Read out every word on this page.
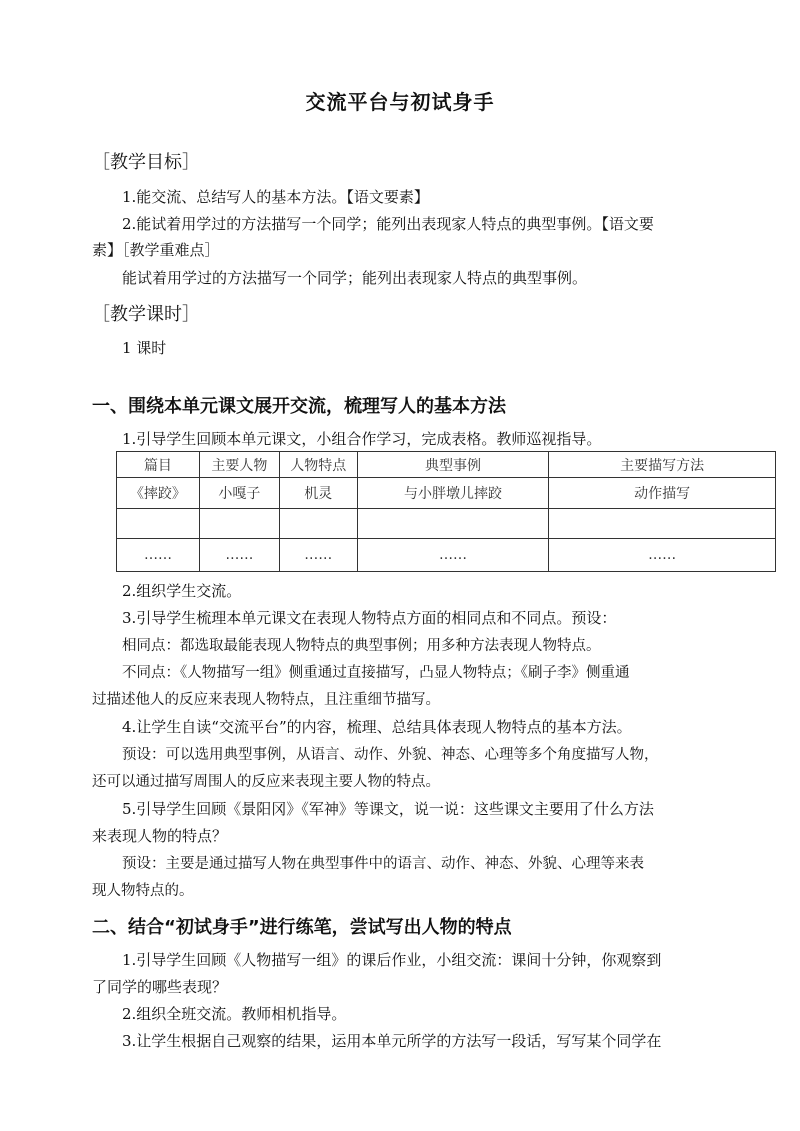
交流平台与初试身手
［教学目标］
1.能交流、总结写人的基本方法。【语文要素】
2.能试着用学过的方法描写一个同学；能列出表现家人特点的典型事例。【语文要
素】［教学重难点］
能试着用学过的方法描写一个同学；能列出表现家人特点的典型事例。
［教学课时］
1 课时
一、围绕本单元课文展开交流，梳理写人的基本方法
1.引导学生回顾本单元课文，小组合作学习，完成表格。教师巡视指导。
篇目	主要人物	人物特点	典型事例	主要描写方法
《摔跤》	小嘎子	机灵	与小胖墩儿摔跤	动作描写

……	……	……	……	……
2.组织学生交流。
3.引导学生梳理本单元课文在表现人物特点方面的相同点和不同点。预设：
相同点：都选取最能表现人物特点的典型事例；用多种方法表现人物特点。
不同点：《人物描写一组》侧重通过直接描写，凸显人物特点；《刷子李》侧重通
过描述他人的反应来表现人物特点，且注重细节描写。
4.让学生自读“交流平台”的内容，梳理、总结具体表现人物特点的基本方法。
预设：可以选用典型事例，从语言、动作、外貌、神态、心理等多个角度描写人物，
还可以通过描写周围人的反应来表现主要人物的特点。
5.引导学生回顾《景阳冈》《军神》等课文，说一说：这些课文主要用了什么方法
来表现人物的特点？
预设：主要是通过描写人物在典型事件中的语言、动作、神态、外貌、心理等来表
现人物特点的。
二、结合“初试身手”进行练笔，尝试写出人物的特点
1.引导学生回顾《人物描写一组》的课后作业，小组交流：课间十分钟，你观察到
了同学的哪些表现？
2.组织全班交流。教师相机指导。
3.让学生根据自己观察的结果，运用本单元所学的方法写一段话，写写某个同学在
